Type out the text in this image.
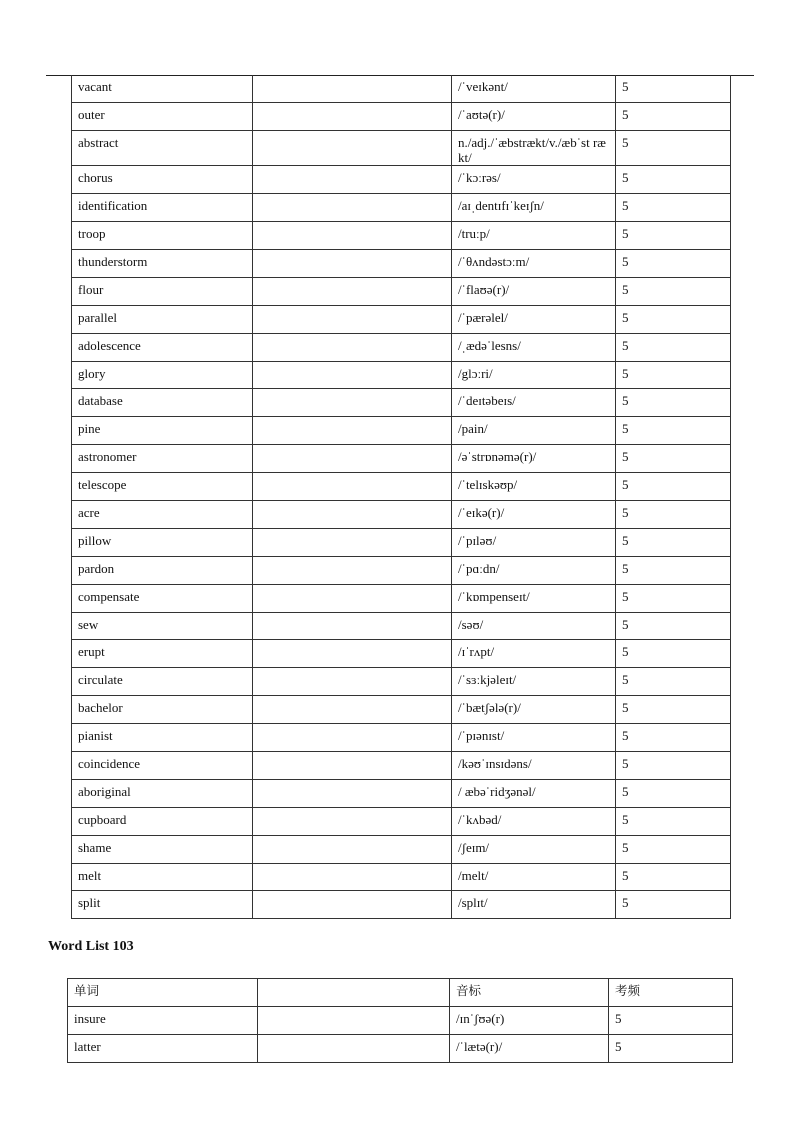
vacant		/ˈveɪkənt/	5
outer		/ˈaʊtə(r)/	5
abstract		n./adj./ˈæbstrækt/v./æbˈst rækt/	5
chorus		/ˈkɔːrəs/	5
identification		/aɪˌdentɪfɪˈkeɪʃn/	5
troop		/truːp/	5
thunderstorm		/ˈθʌndəstɔːm/	5
flour		/ˈflaʊə(r)/	5
parallel		/ˈpærəlel/	5
adolescence		/ˌædəˈlesns/	5
glory		/glɔːri/	5
database		/ˈdeɪtəbeɪs/	5
pine		/pain/	5
astronomer		/əˈstrɒnəmə(r)/	5
telescope		/ˈtelɪskəʊp/	5
acre		/ˈeɪkə(r)/	5
pillow		/ˈpɪləʊ/	5
pardon		/ˈpɑːdn/	5
compensate		/ˈkɒmpenseɪt/	5
sew		/səʊ/	5
erupt		/ɪˈrʌpt/	5
circulate		/ˈsɜːkjəleɪt/	5
bachelor		/ˈbætʃələ(r)/	5
pianist		/ˈpɪənɪst/	5
coincidence		/kəʊˈɪnsɪdəns/	5
aboriginal		/ æbəˈridʒənəl/	5
cupboard		/ˈkʌbəd/	5
shame		/ʃeɪm/	5
melt		/melt/	5
split		/splɪt/	5
Word List 103
单词		音标	考频
insure		/ɪnˈʃʊə(r)	5
latter		/ˈlætə(r)/	5
